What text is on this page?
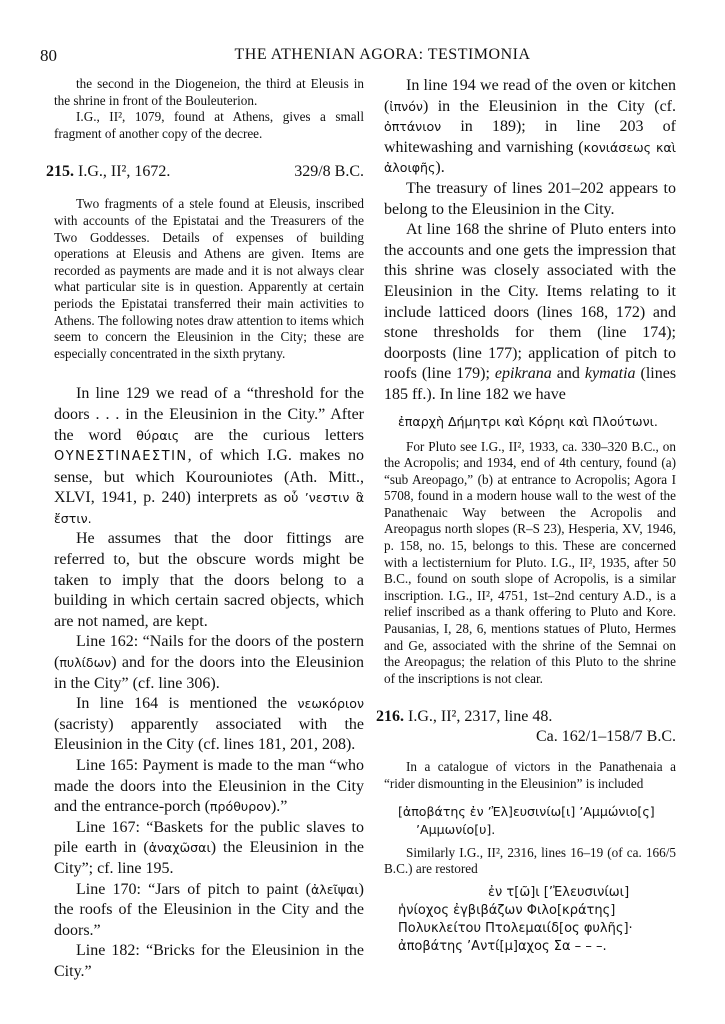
80	THE ATHENIAN AGORA: TESTIMONIA

the second in the Diogeneion, the third at Eleusis in the shrine in front of the Bouleuterion.

I.G., II², 1079, found at Athens, gives a small fragment of another copy of the decree.

215. I.G., II², 1672.	329/8 B.C.

Two fragments of a stele found at Eleusis, inscribed with accounts of the Epistatai and the Treasurers of the Two Goddesses. Details of expenses of building operations at Eleusis and Athens are given. Items are recorded as payments are made and it is not always clear what particular site is in question. Apparently at certain periods the Epistatai transferred their main activities to Athens. The following notes draw attention to items which seem to concern the Eleusinion in the City; these are especially concentrated in the sixth prytany.

In line 129 we read of a “threshold for the doors . . . in the Eleusinion in the City.” After the word θύραις are the curious letters ΟΥΝΕΣΤΙΝΑΕΣΤΙΝ, of which I.G. makes no sense, but which Kourouniotes (Ath. Mitt., XLVI, 1941, p. 240) interprets as οὗ ’νεστιν ἃ ἔστιν.

He assumes that the door fittings are referred to, but the obscure words might be taken to imply that the doors belong to a building in which certain sacred objects, which are not named, are kept.

Line 162: “Nails for the doors of the postern (πυλίδων) and for the doors into the Eleusinion in the City” (cf. line 306).

In line 164 is mentioned the νεωκόριον (sacristy) apparently associated with the Eleusinion in the City (cf. lines 181, 201, 208).

Line 165: Payment is made to the man “who made the doors into the Eleusinion in the City and the entrance-porch (πρόθυρον).”

Line 167: “Baskets for the public slaves to pile earth in (ἀναχῶσαι) the Eleusinion in the City”; cf. line 195.

Line 170: “Jars of pitch to paint (ἀλεῖψαι) the roofs of the Eleusinion in the City and the doors.”

Line 182: “Bricks for the Eleusinion in the City.”

In line 194 we read of the oven or kitchen (ἰπνόν) in the Eleusinion in the City (cf. ὀπτάνιον in 189); in line 203 of whitewashing and varnishing (κονιάσεως καὶ ἀλοιφῆς).

The treasury of lines 201–202 appears to belong to the Eleusinion in the City.

At line 168 the shrine of Pluto enters into the accounts and one gets the impression that this shrine was closely associated with the Eleusinion in the City. Items relating to it include latticed doors (lines 168, 172) and stone thresholds for them (line 174); doorposts (line 177); application of pitch to roofs (line 179); epikrana and kymatia (lines 185 ff.). In line 182 we have

ἐπαρχὴ Δήμητρι καὶ Κόρηι καὶ Πλούτωνι.

For Pluto see I.G., II², 1933, ca. 330–320 B.C., on the Acropolis; and 1934, end of 4th century, found (a) “sub Areopago,” (b) at entrance to Acropolis; Agora I 5708, found in a modern house wall to the west of the Panathenaic Way between the Acropolis and Areopagus north slopes (R–S 23), Hesperia, XV, 1946, p. 158, no. 15, belongs to this. These are concerned with a lectisternium for Pluto. I.G., II², 1935, after 50 B.C., found on south slope of Acropolis, is a similar inscription. I.G., II², 4751, 1st–2nd century A.D., is a relief inscribed as a thank offering to Pluto and Kore. Pausanias, I, 28, 6, mentions statues of Pluto, Hermes and Ge, associated with the shrine of the Semnai on the Areopagus; the relation of this Pluto to the shrine of the inscriptions is not clear.

216. I.G., II², 2317, line 48.
Ca. 162/1–158/7 B.C.

In a catalogue of victors in the Panathenaia a “rider dismounting in the Eleusinion” is included

[ἀποβάτης ἐν ’Ἐλ]ευσινίω[ι] ’Αμμώνιο[ς] ’Αμμωνίο[υ].

Similarly I.G., II², 2316, lines 16–19 (of ca. 166/5 B.C.) are restored

ἐν τ[ῶ]ι [’Ἐλευσινίωι]
ἡνίοχος ἐγβιβάζων Φιλο[κράτης]
Πολυκλείτου Πτολεμαιίδ[ος φυλῆς]·
ἀποβάτης ’Αντί[μ]αχος Σα – – –.
